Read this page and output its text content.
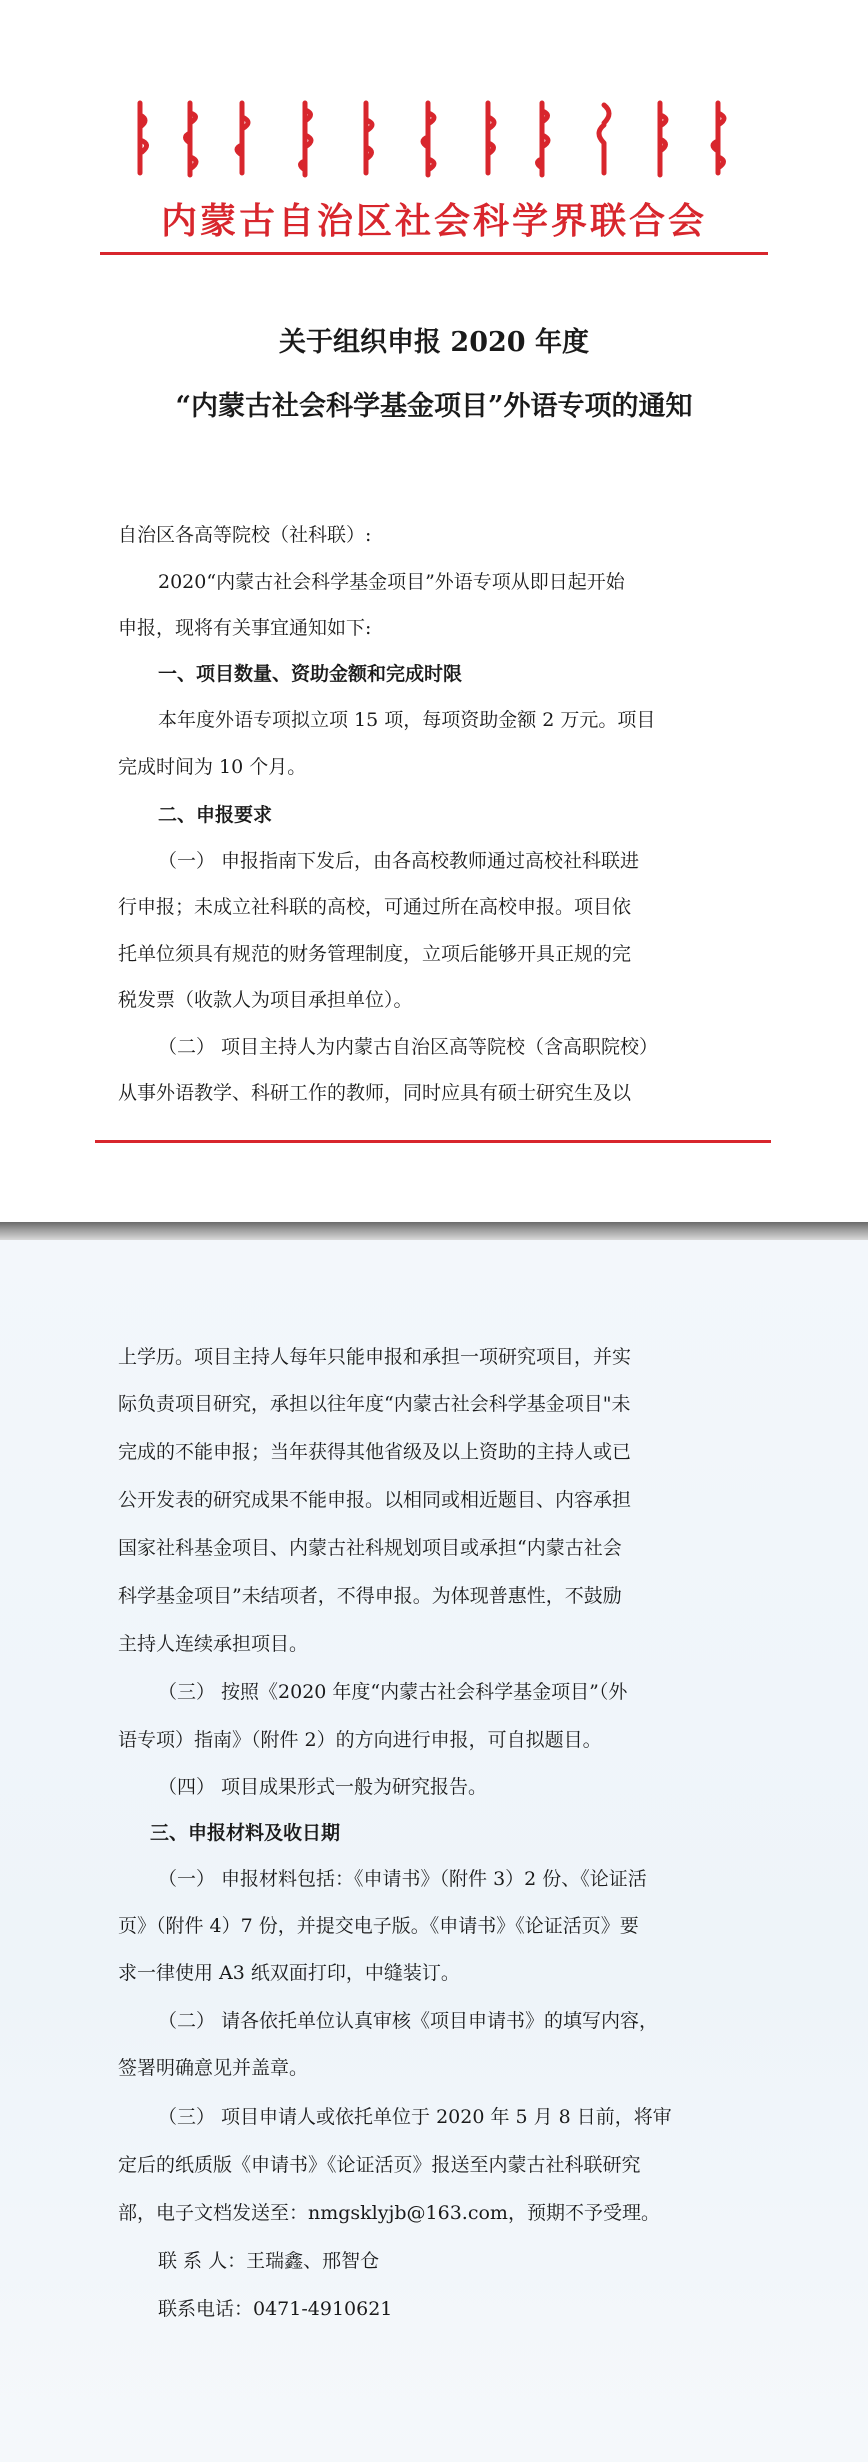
内蒙古自治区社会科学界联合会
关于组织申报 2020 年度
“内蒙古社会科学基金项目”外语专项的通知
自治区各高等院校（社科联）:
2020“内蒙古社会科学基金项目”外语专项从即日起开始
申报，现将有关事宜通知如下:
一、项目数量、资助金额和完成时限
本年度外语专项拟立项 15 项，每项资助金额 2 万元。项目
完成时间为 10 个月。
二、申报要求
（一） 申报指南下发后，由各高校教师通过高校社科联进
行申报；未成立社科联的高校，可通过所在高校申报。项目依
托单位须具有规范的财务管理制度，立项后能够开具正规的完
税发票（收款人为项目承担单位）。
（二） 项目主持人为内蒙古自治区高等院校（含高职院校）
从事外语教学、科研工作的教师，同时应具有硕士研究生及以
上学历。项目主持人每年只能申报和承担一项研究项目，并实
际负责项目研究，承担以往年度“内蒙古社会科学基金项目"未
完成的不能申报；当年获得其他省级及以上资助的主持人或已
公开发表的研究成果不能申报。以相同或相近题目、内容承担
国家社科基金项目、内蒙古社科规划项目或承担“内蒙古社会
科学基金项目”未结项者，不得申报。为体现普惠性，不鼓励
主持人连续承担项目。
（三） 按照《2020 年度“内蒙古社会科学基金项目”（外
语专项）指南》（附件 2）的方向进行申报，可自拟题目。
（四） 项目成果形式一般为研究报告。
三、申报材料及收日期
（一） 申报材料包括：《申请书》（附件 3）2 份、《论证活
页》（附件 4）7 份，并提交电子版。《申请书》《论证活页》要
求一律使用 A3 纸双面打印，中缝装订。
（二） 请各依托单位认真审核《项目申请书》的填写内容，
签署明确意见并盖章。
（三） 项目申请人或依托单位于 2020 年 5 月 8 日前，将审
定后的纸质版《申请书》《论证活页》报送至内蒙古社科联研究
部，电子文档发送至：nmgsklyjb@163.com，预期不予受理。
联 系 人：王瑞鑫、邢智仓
联系电话：0471-4910621
